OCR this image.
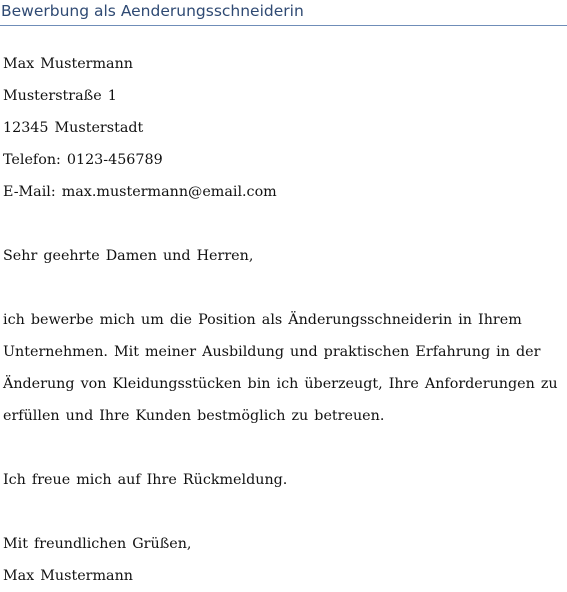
Bewerbung als Aenderungsschneiderin
Max Mustermann
Musterstraße 1
12345 Musterstadt
Telefon: 0123-456789
E-Mail: max.mustermann@email.com
Sehr geehrte Damen und Herren,
ich bewerbe mich um die Position als Änderungsschneiderin in Ihrem Unternehmen. Mit meiner Ausbildung und praktischen Erfahrung in der Änderung von Kleidungsstücken bin ich überzeugt, Ihre Anforderungen zu erfüllen und Ihre Kunden bestmöglich zu betreuen.
Ich freue mich auf Ihre Rückmeldung.
Mit freundlichen Grüßen,
Max Mustermann
